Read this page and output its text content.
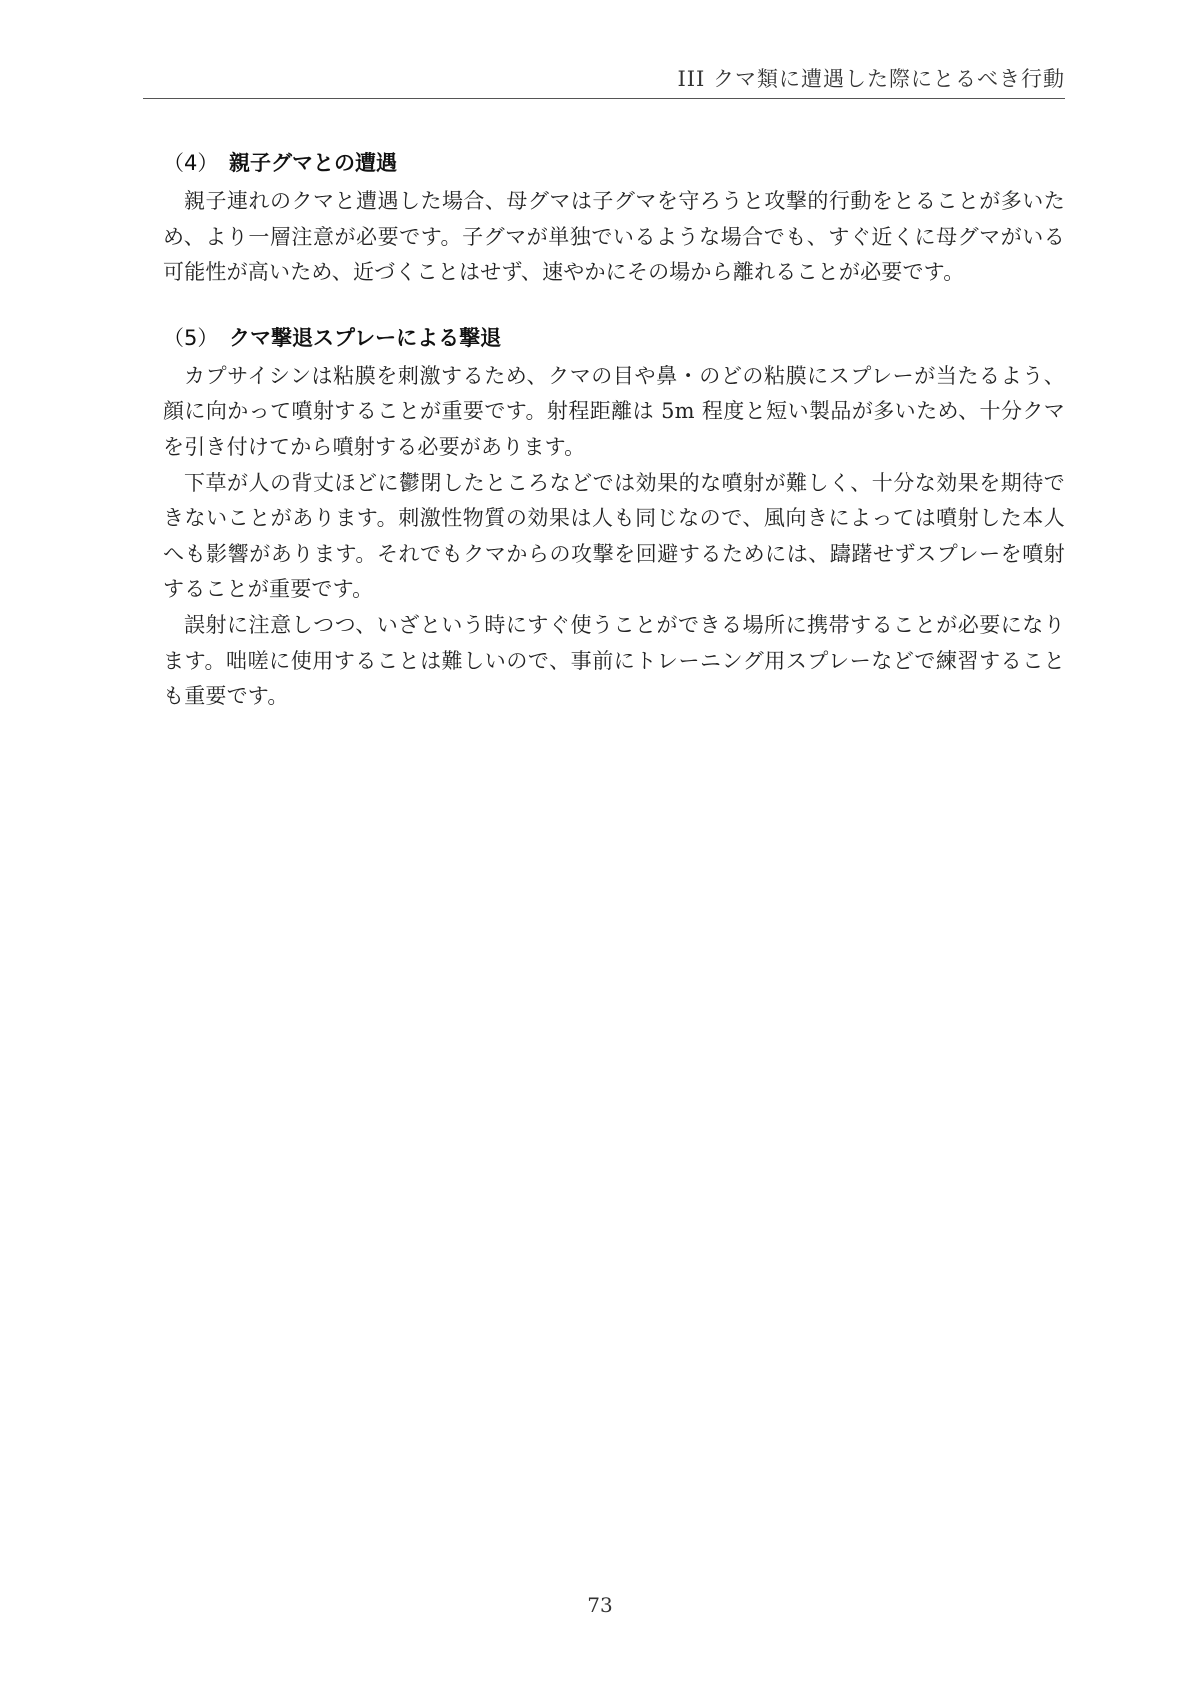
III クマ類に遭遇した際にとるべき行動
（4） 親子グマとの遭遇

親子連れのクマと遭遇した場合、母グマは子グマを守ろうと攻撃的行動をとることが多いため、より一層注意が必要です。子グマが単独でいるような場合でも、すぐ近くに母グマがいる可能性が高いため、近づくことはせず、速やかにその場から離れることが必要です。

（5） クマ撃退スプレーによる撃退

カプサイシンは粘膜を刺激するため、クマの目や鼻・のどの粘膜にスプレーが当たるよう、顔に向かって噴射することが重要です。射程距離は 5m 程度と短い製品が多いため、十分クマを引き付けてから噴射する必要があります。

下草が人の背丈ほどに鬱閉したところなどでは効果的な噴射が難しく、十分な効果を期待できないことがあります。刺激性物質の効果は人も同じなので、風向きによっては噴射した本人へも影響があります。それでもクマからの攻撃を回避するためには、躊躇せずスプレーを噴射することが重要です。

誤射に注意しつつ、いざという時にすぐ使うことができる場所に携帯することが必要になります。咄嗟に使用することは難しいので、事前にトレーニング用スプレーなどで練習することも重要です。

73
